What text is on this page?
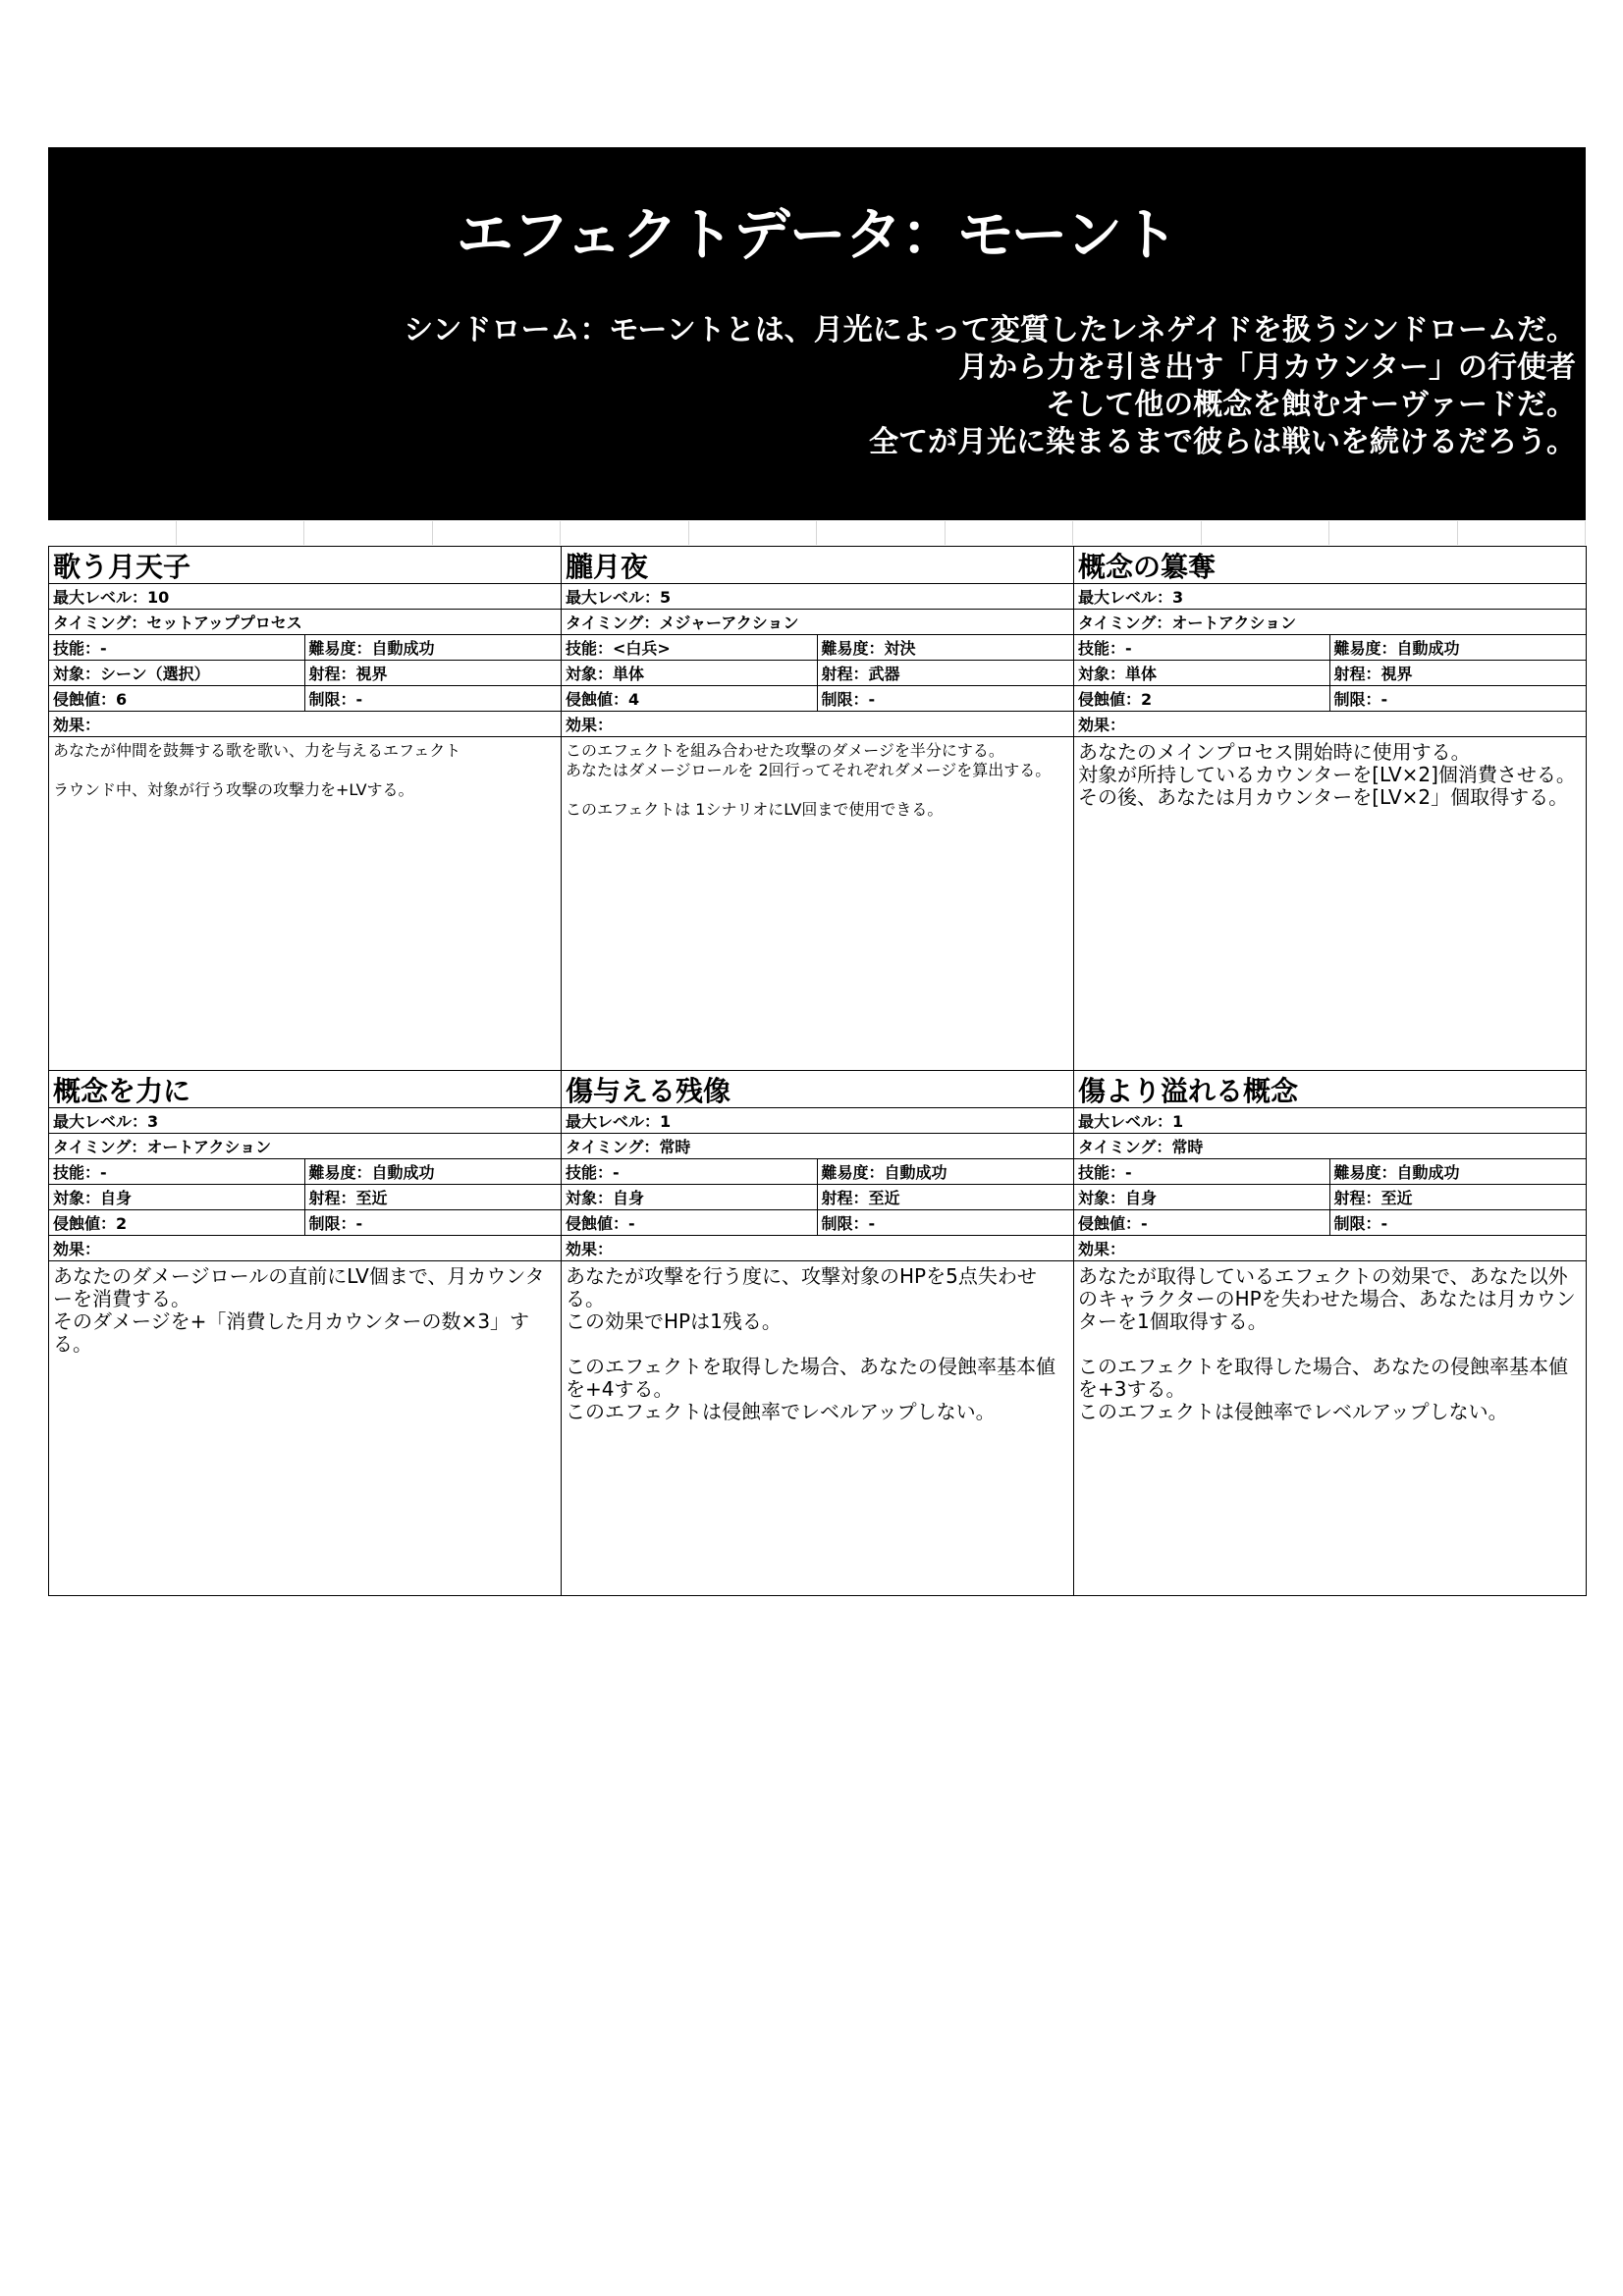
エフェクトデータ：モーント
シンドローム：モーントとは、月光によって変質したレネゲイドを扱うシンドロームだ。
月から力を引き出す「月カウンター」の行使者
そして他の概念を蝕むオーヴァードだ。
全てが月光に染まるまで彼らは戦いを続けるだろう。
歌う月天子
最大レベル：10
タイミング：セットアッププロセス
技能：‐	難易度：自動成功
対象：シーン（選択）	射程：視界
侵蝕値：6	制限：‐
効果：
あなたが仲間を鼓舞する歌を歌い、力を与えるエフェクト

ラウンド中、対象が行う攻撃の攻撃力を+LVする。
朧月夜
最大レベル：5
タイミング：メジャーアクション
技能：<白兵>	難易度：対決
対象：単体	射程：武器
侵蝕値：4	制限：‐
効果：
このエフェクトを組み合わせた攻撃のダメージを半分にする。
あなたはダメージロールを 2回行ってそれぞれダメージを算出する。

このエフェクトは 1シナリオにLV回まで使用できる。
概念の簒奪
最大レベル：3
タイミング：オートアクション
技能：‐	難易度：自動成功
対象：単体	射程：視界
侵蝕値：2	制限：‐
効果：
あなたのメインプロセス開始時に使用する。
対象が所持しているカウンターを[LV×2]個消費させる。
その後、あなたは月カウンターを[LV×2」個取得する。
概念を力に
最大レベル：3
タイミング：オートアクション
技能：‐	難易度：自動成功
対象：自身	射程：至近
侵蝕値：2	制限：‐
効果：
あなたのダメージロールの直前にLV個まで、月カウンターを消費する。
そのダメージを+「消費した月カウンターの数×3」する。
傷与える残像
最大レベル：1
タイミング：常時
技能：‐	難易度：自動成功
対象：自身	射程：至近
侵蝕値：‐	制限：‐
効果：
あなたが攻撃を行う度に、攻撃対象のHPを5点失わせる。
この効果でHPは1残る。

このエフェクトを取得した場合、あなたの侵蝕率基本値を+4する。
このエフェクトは侵蝕率でレベルアップしない。
傷より溢れる概念
最大レベル：1
タイミング：常時
技能：‐	難易度：自動成功
対象：自身	射程：至近
侵蝕値：‐	制限：‐
効果：
あなたが取得しているエフェクトの効果で、あなた以外のキャラクターのHPを失わせた場合、あなたは月カウンターを1個取得する。

このエフェクトを取得した場合、あなたの侵蝕率基本値を+3する。
このエフェクトは侵蝕率でレベルアップしない。
